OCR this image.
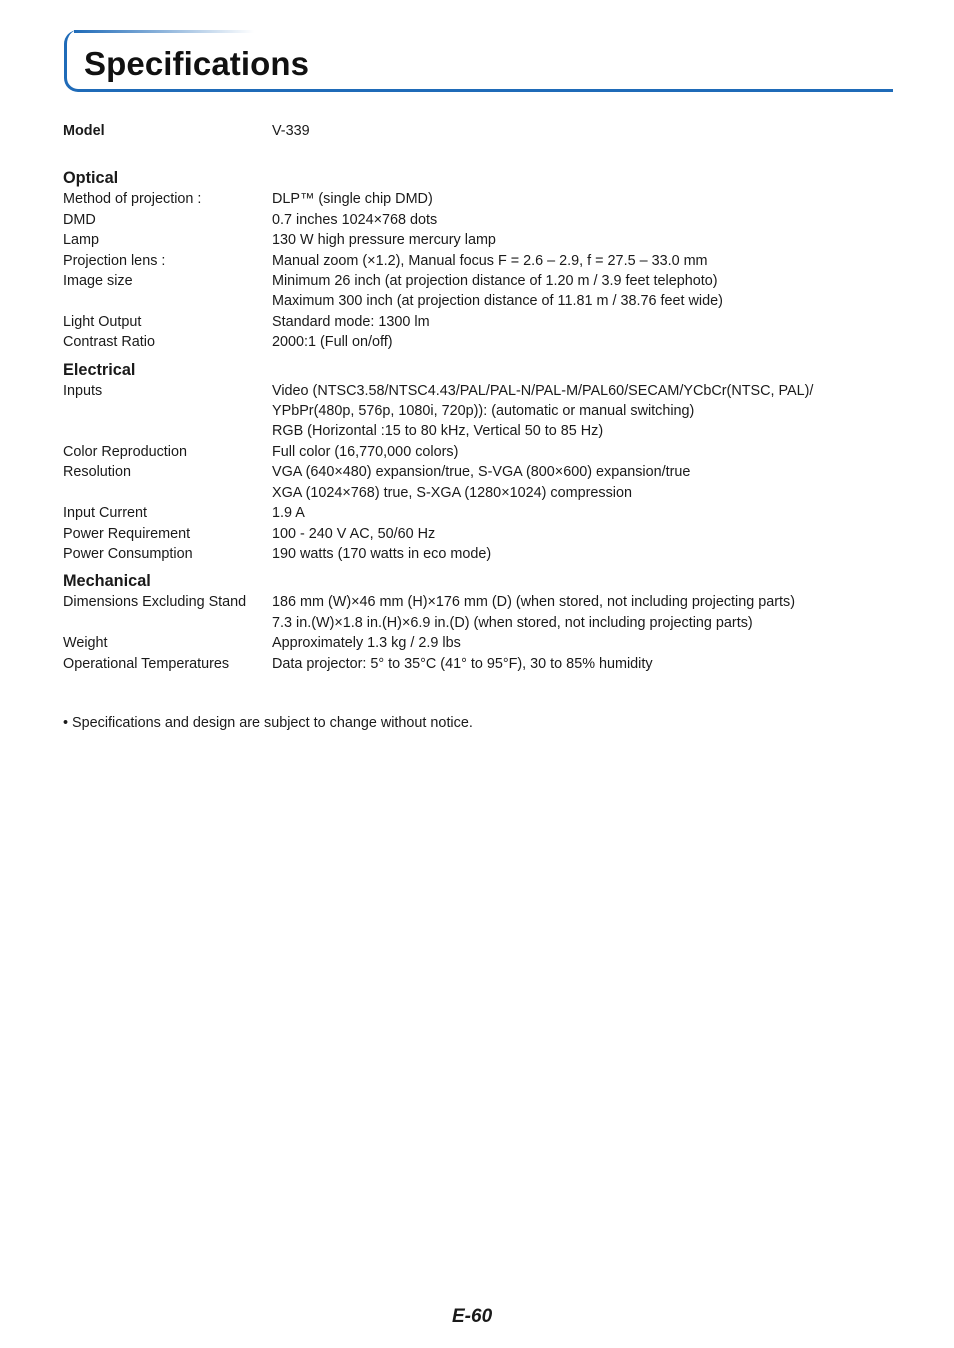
Specifications
Model	V-339
Optical
Method of projection :	DLP™ (single chip DMD)
DMD	0.7 inches 1024×768 dots
Lamp	130 W high pressure mercury lamp
Projection lens :	Manual zoom (×1.2), Manual focus F = 2.6 – 2.9, f = 27.5 – 33.0 mm
Image size	Minimum 26 inch (at projection distance of 1.20 m / 3.9 feet telephoto)
Maximum 300 inch (at projection distance of 11.81 m / 38.76 feet wide)
Light Output	Standard mode: 1300 lm
Contrast Ratio	2000:1 (Full on/off)
Electrical
Inputs	Video (NTSC3.58/NTSC4.43/PAL/PAL-N/PAL-M/PAL60/SECAM/YCbCr(NTSC, PAL)/
YPbPr(480p, 576p, 1080i, 720p)): (automatic or manual switching)
RGB (Horizontal :15 to 80 kHz, Vertical 50 to 85 Hz)
Color Reproduction	Full color (16,770,000 colors)
Resolution	VGA (640×480) expansion/true, S-VGA (800×600) expansion/true
XGA (1024×768) true, S-XGA (1280×1024) compression
Input Current	1.9 A
Power Requirement	100 - 240 V AC, 50/60 Hz
Power Consumption	190 watts (170 watts in eco mode)
Mechanical
Dimensions Excluding Stand	186 mm (W)×46 mm (H)×176 mm (D) (when stored, not including projecting parts)
7.3 in.(W)×1.8 in.(H)×6.9 in.(D) (when stored, not including projecting parts)
Weight	Approximately 1.3 kg / 2.9 lbs
Operational Temperatures	Data projector: 5° to 35°C (41° to 95°F), 30 to 85% humidity
• Specifications and design are subject to change without notice.
E-60
